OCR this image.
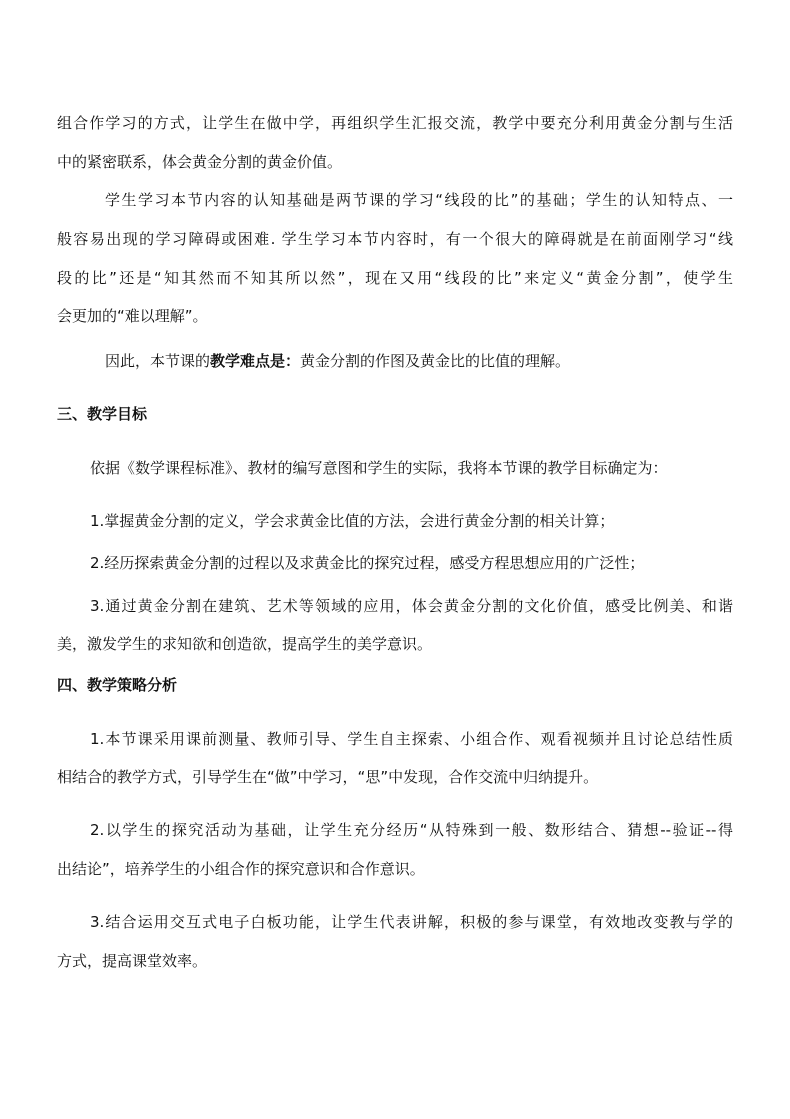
组合作学习的方式，让学生在做中学，再组织学生汇报交流，教学中要充分利用黄金分割与生活
中的紧密联系，体会黄金分割的黄金价值。
学生学习本节内容的认知基础是两节课的学习“线段的比”的基础；学生的认知特点、一
般容易出现的学习障碍或困难. 学生学习本节内容时，有一个很大的障碍就是在前面刚学习“线
段的比”还是“知其然而不知其所以然”，现在又用“线段的比”来定义“黄金分割”，使学生
会更加的“难以理解”。
因此，本节课的教学难点是：黄金分割的作图及黄金比的比值的理解。
三、教学目标
依据《数学课程标准》、教材的编写意图和学生的实际，我将本节课的教学目标确定为：
1.掌握黄金分割的定义，学会求黄金比值的方法，会进行黄金分割的相关计算；
2.经历探索黄金分割的过程以及求黄金比的探究过程，感受方程思想应用的广泛性；
3.通过黄金分割在建筑、艺术等领域的应用，体会黄金分割的文化价值，感受比例美、和谐
美，激发学生的求知欲和创造欲，提高学生的美学意识。
四、教学策略分析
1.本节课采用课前测量、教师引导、学生自主探索、小组合作、观看视频并且讨论总结性质
相结合的教学方式，引导学生在“做”中学习，“思”中发现，合作交流中归纳提升。
2.以学生的探究活动为基础，让学生充分经历“从特殊到一般、数形结合、猜想--验证--得
出结论”，培养学生的小组合作的探究意识和合作意识。
3.结合运用交互式电子白板功能，让学生代表讲解，积极的参与课堂，有效地改变教与学的
方式，提高课堂效率。
